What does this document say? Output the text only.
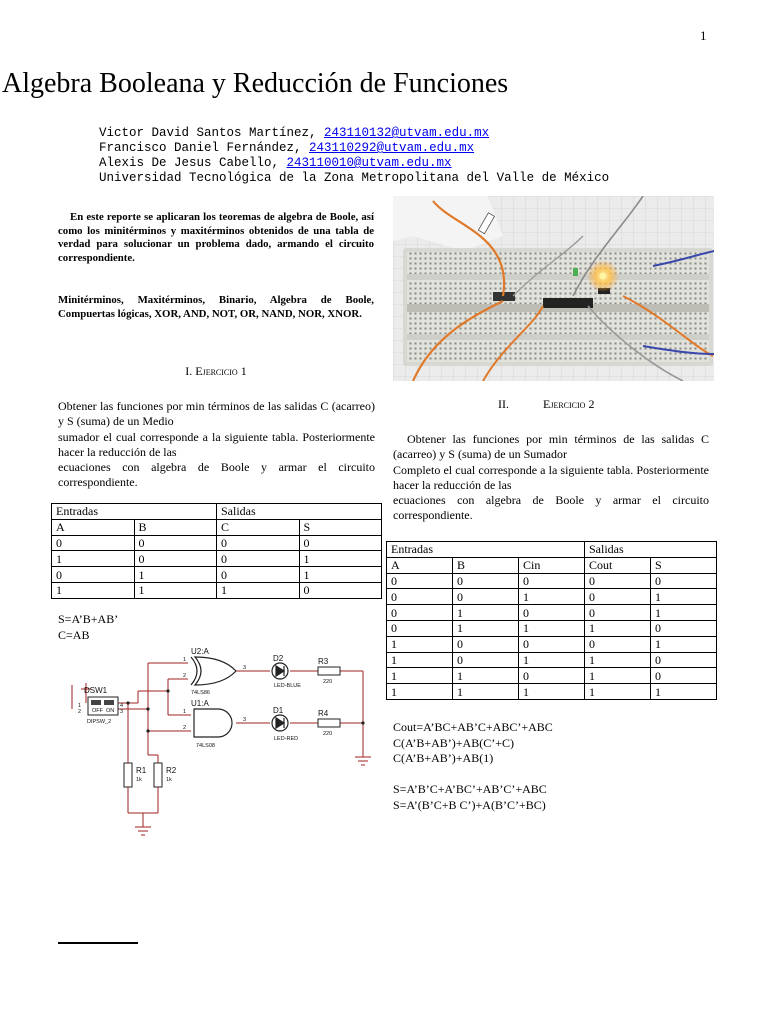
1
Algebra Booleana y Reducción de Funciones
Victor David Santos Martínez, 243110132@utvam.edu.mx
Francisco Daniel Fernández, 243110292@utvam.edu.mx
Alexis De Jesus Cabello, 243110010@utvam.edu.mx
Universidad Tecnológica de la Zona Metropolitana del Valle de México
En este reporte se aplicaran los teoremas de algebra de Boole, así como los minitérminos y maxitérminos obtenidos de una tabla de verdad para solucionar un problema dado, armando el circuito correspondiente.
Minitérminos, Maxitérminos, Binario, Algebra de Boole, Compuertas lógicas, XOR, AND, NOT, OR, NAND, NOR, XNOR.
I. Ejercicio 1
Obtener las funciones por min términos de las salidas C (acarreo) y S (suma) de un Medio
sumador el cual corresponde a la siguiente tabla. Posteriormente hacer la reducción de las
ecuaciones con algebra de Boole y armar el circuito correspondiente.
II.	Ejercicio 2
Obtener las funciones por min términos de las salidas C (acarreo) y S (suma) de un Sumador
Completo el cual corresponde a la siguiente tabla. Posteriormente hacer la reducción de las
ecuaciones con algebra de Boole y armar el circuito correspondiente.
Entradas		Salidas	
A	B	C	S
0	0	0	0
1	0	0	1
0	1	0	1
1	1	1	0
Entradas			Salidas	
A	B	Cin	Cout	S
0	0	0	0	0
0	0	1	0	1
0	1	0	0	1
0	1	1	1	0
1	0	0	0	1
1	0	1	1	0
1	1	0	1	0
1	1	1	1	1
S=A’B+AB’
C=AB
Cout=A’BC+AB’C+ABC’+ABC
C(A’B+AB’)+AB(C’+C)
C(A’B+AB’)+AB(1)
S=A’B’C+A’BC’+AB’C’+ABC
S=A’(B’C+B C’)+A(B’C’+BC)
U2:A
U1:A
D2
D1
R3
R4
R1 R2
DSW1	74LS86
74LS08
LED-BLUE
LED-RED
220
220
1k	1k
DIPSW_2
3
3
1
2
1
2
1
2
4
3
OFF ON
